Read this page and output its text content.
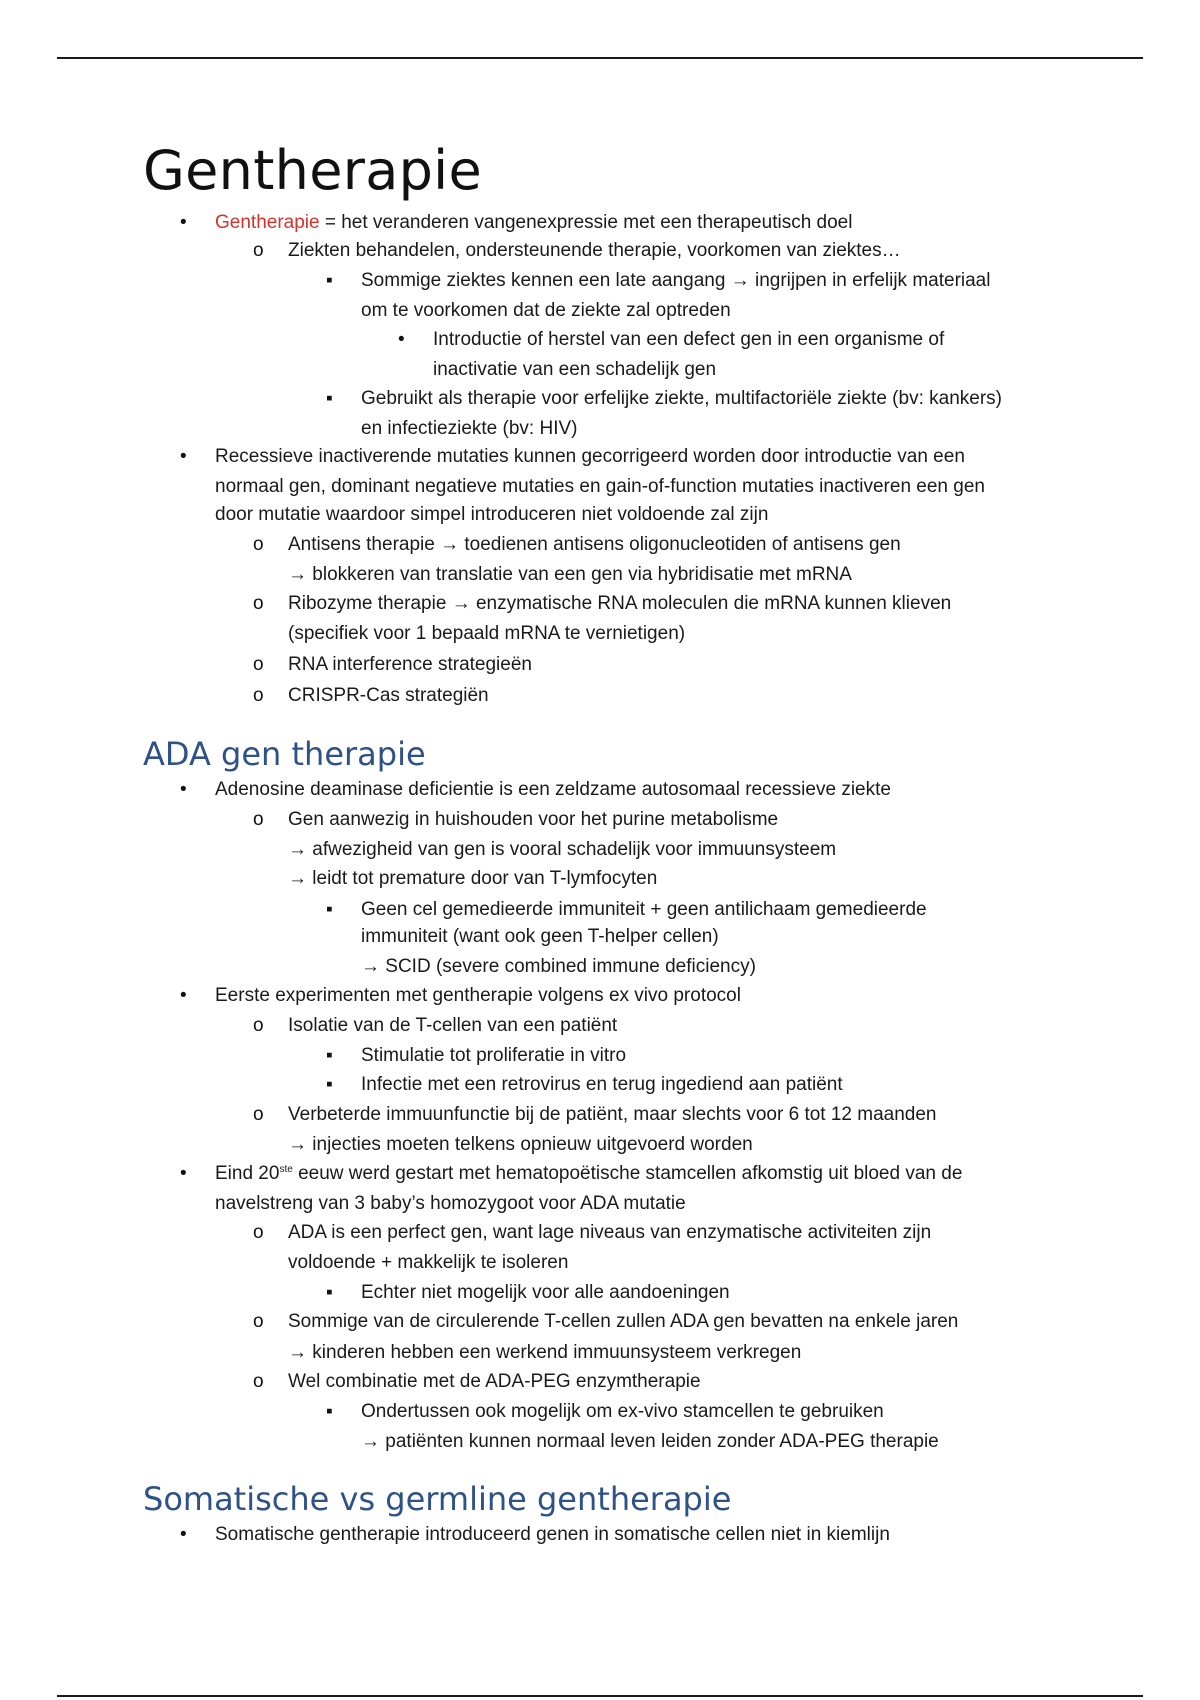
Gentherapie
• Gentherapie = het veranderen vangenexpressie met een therapeutisch doel

o Ziekten behandelen, ondersteunende therapie, voorkomen van ziektes…

▪ Sommige ziektes kennen een late aangang → ingrijpen in erfelijk materiaal

om te voorkomen dat de ziekte zal optreden

• Introductie of herstel van een defect gen in een organisme of

inactivatie van een schadelijk gen

▪ Gebruikt als therapie voor erfelijke ziekte, multifactoriële ziekte (bv: kankers)

en infectieziekte (bv: HIV)

• Recessieve inactiverende mutaties kunnen gecorrigeerd worden door introductie van een

normaal gen, dominant negatieve mutaties en gain-of-function mutaties inactiveren een gen

door mutatie waardoor simpel introduceren niet voldoende zal zijn

o Antisens therapie → toedienen antisens oligonucleotiden of antisens gen

→ blokkeren van translatie van een gen via hybridisatie met mRNA

o Ribozyme therapie → enzymatische RNA moleculen die mRNA kunnen klieven

(specifiek voor 1 bepaald mRNA te vernietigen)

o RNA interference strategieën

o CRISPR-Cas strategiën

ADA gen therapie
• Adenosine deaminase deficientie is een zeldzame autosomaal recessieve ziekte

o Gen aanwezig in huishouden voor het purine metabolisme

→ afwezigheid van gen is vooral schadelijk voor immuunsysteem

→ leidt tot premature door van T-lymfocyten

▪ Geen cel gemedieerde immuniteit + geen antilichaam gemedieerde

immuniteit (want ook geen T-helper cellen)

→ SCID (severe combined immune deficiency)

• Eerste experimenten met gentherapie volgens ex vivo protocol

o Isolatie van de T-cellen van een patiënt

▪ Stimulatie tot proliferatie in vitro

▪ Infectie met een retrovirus en terug ingediend aan patiënt

o Verbeterde immuunfunctie bij de patiënt, maar slechts voor 6 tot 12 maanden

→ injecties moeten telkens opnieuw uitgevoerd worden

• Eind 20ste eeuw werd gestart met hematopoëtische stamcellen afkomstig uit bloed van de

navelstreng van 3 baby’s homozygoot voor ADA mutatie

o ADA is een perfect gen, want lage niveaus van enzymatische activiteiten zijn

voldoende + makkelijk te isoleren

▪ Echter niet mogelijk voor alle aandoeningen

o Sommige van de circulerende T-cellen zullen ADA gen bevatten na enkele jaren

→ kinderen hebben een werkend immuunsysteem verkregen

o Wel combinatie met de ADA-PEG enzymtherapie

▪ Ondertussen ook mogelijk om ex-vivo stamcellen te gebruiken

→ patiënten kunnen normaal leven leiden zonder ADA-PEG therapie

Somatische vs germline gentherapie
• Somatische gentherapie introduceerd genen in somatische cellen niet in kiemlijn
